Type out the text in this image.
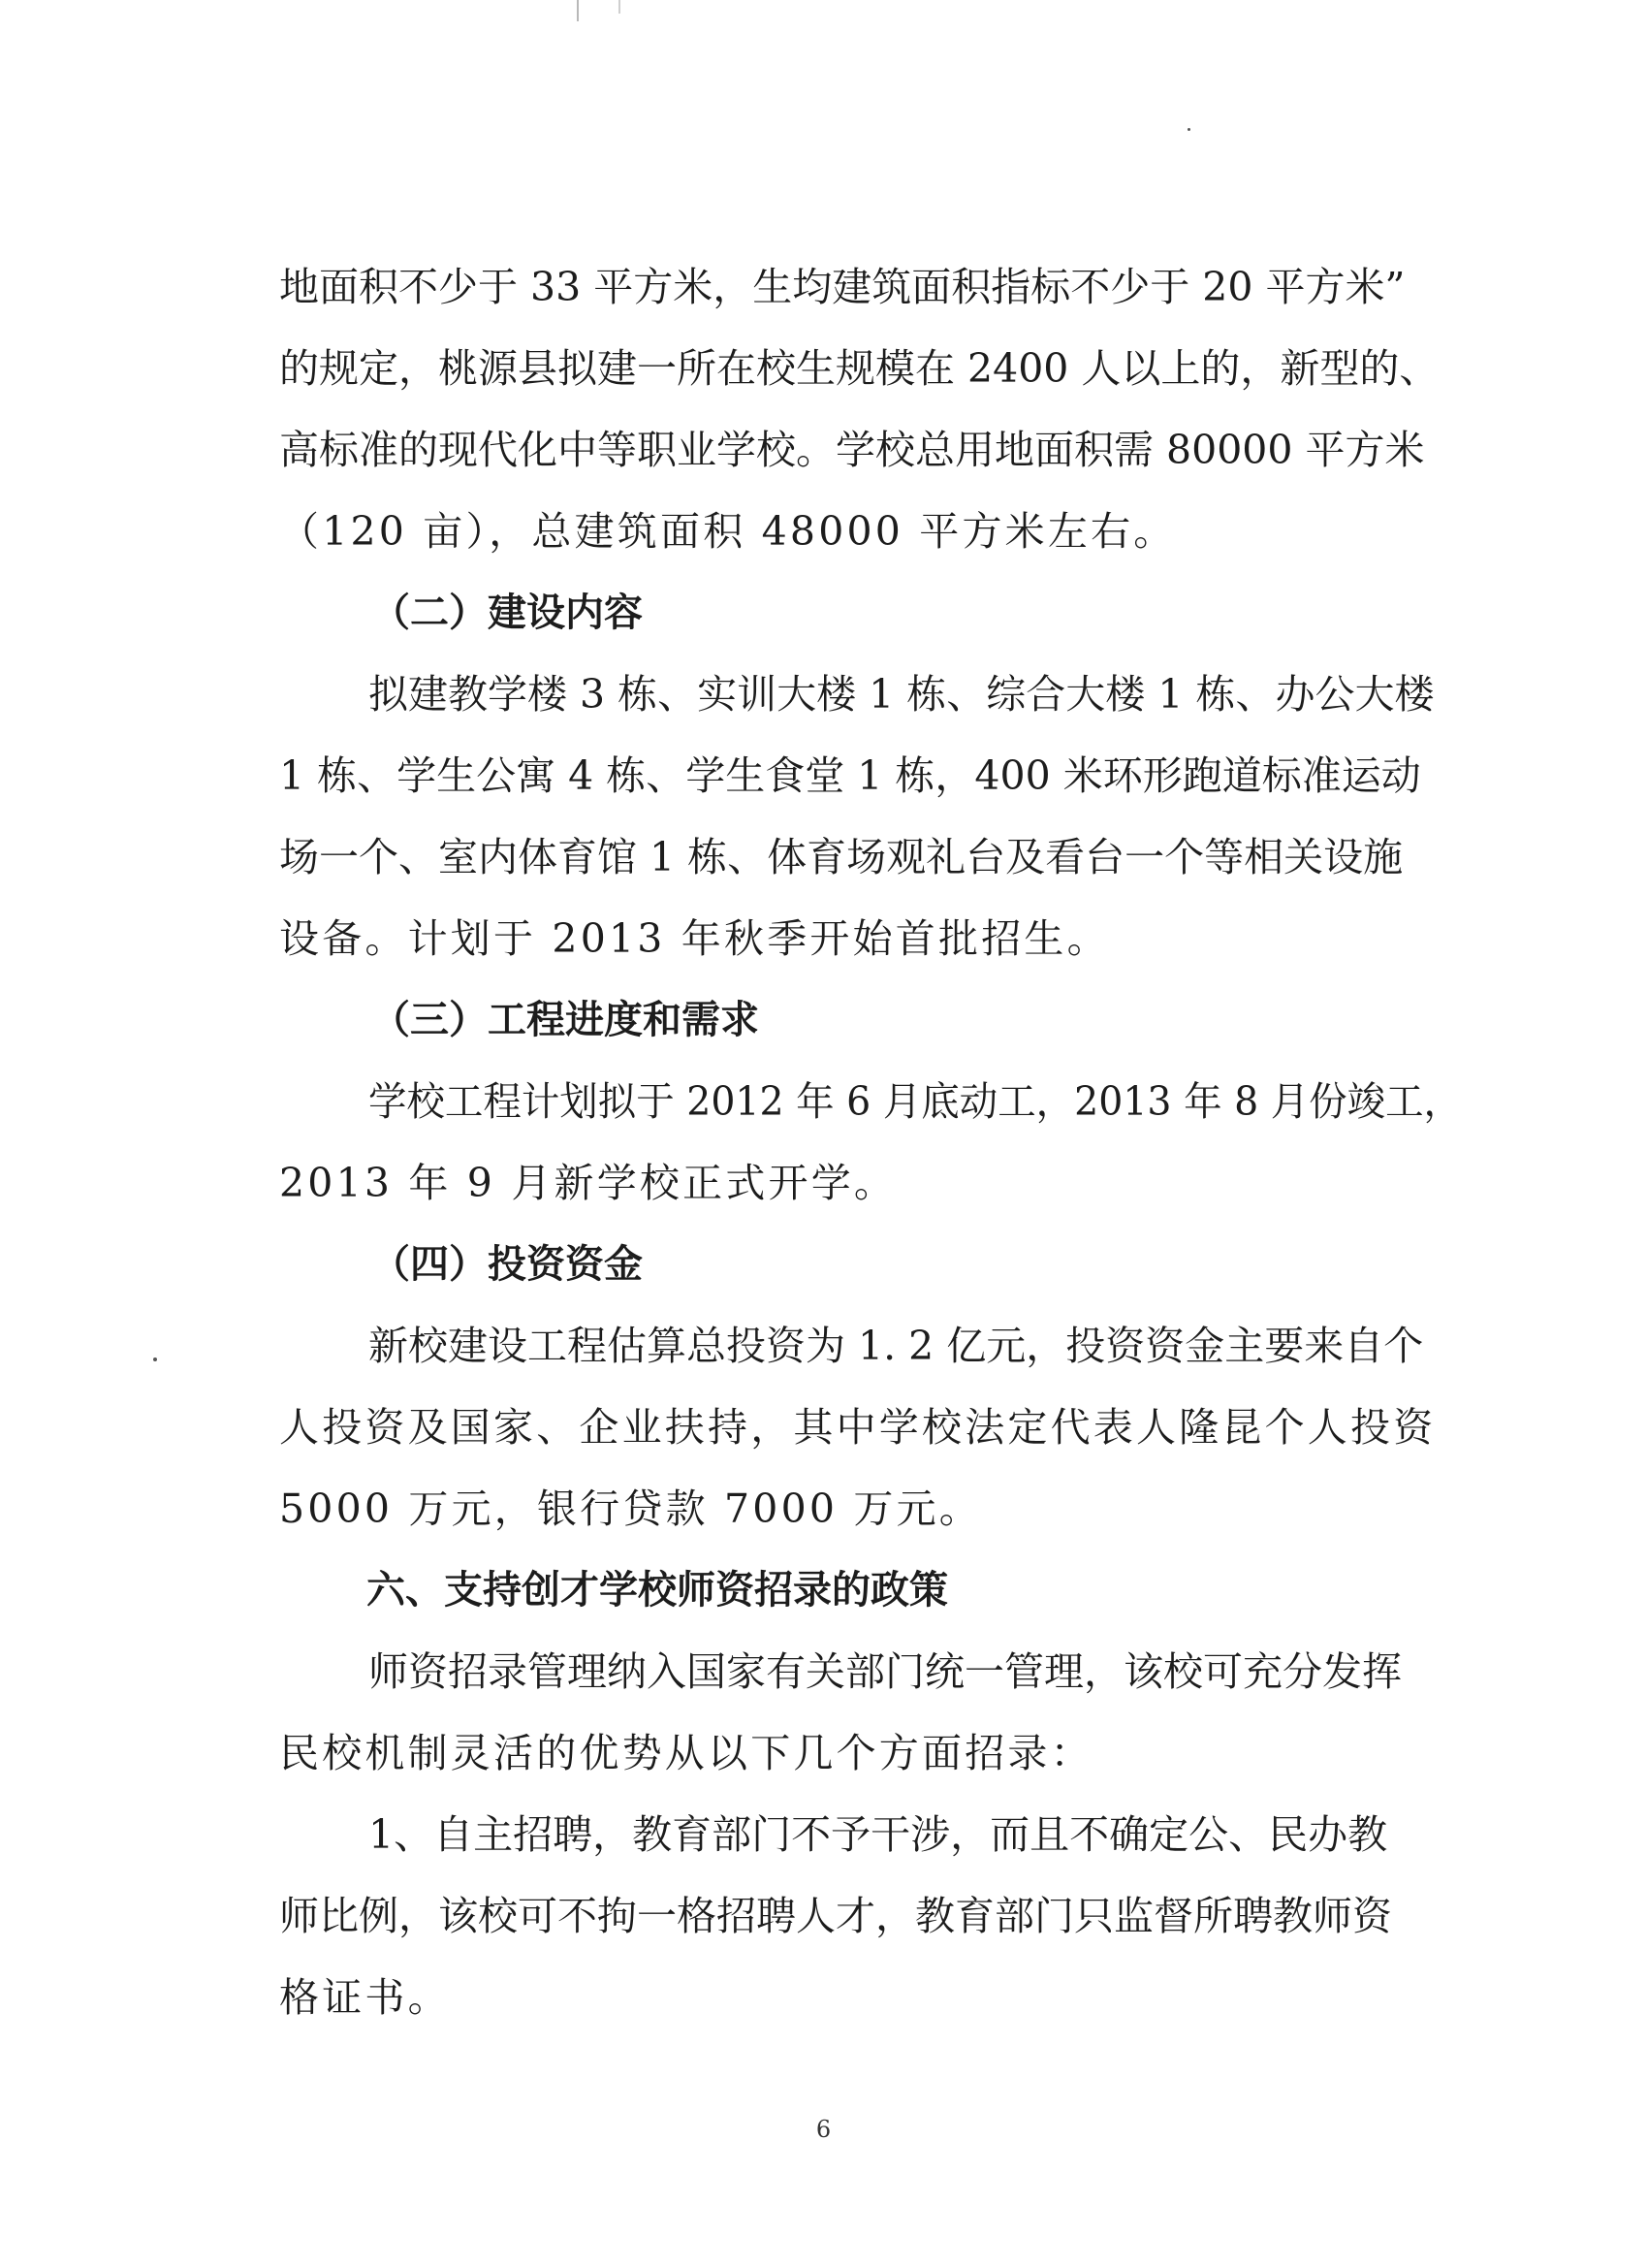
地面积不少于 33 平方米，生均建筑面积指标不少于 20 平方米”
的规定，桃源县拟建一所在校生规模在 2400 人以上的，新型的、
高标准的现代化中等职业学校。学校总用地面积需 80000 平方米
（120 亩），总建筑面积 48000 平方米左右。
（二）建设内容
拟建教学楼 3 栋、实训大楼 1 栋、综合大楼 1 栋、办公大楼
1 栋、学生公寓 4 栋、学生食堂 1 栋，400 米环形跑道标准运动
场一个、室内体育馆 1 栋、体育场观礼台及看台一个等相关设施
设备。计划于 2013 年秋季开始首批招生。
（三）工程进度和需求
学校工程计划拟于 2012 年 6 月底动工，2013 年 8 月份竣工，
2013 年 9 月新学校正式开学。
（四）投资资金
新校建设工程估算总投资为 1. 2 亿元，投资资金主要来自个
人投资及国家、企业扶持，其中学校法定代表人隆昆个人投资
5000 万元，银行贷款 7000 万元。
六、支持创才学校师资招录的政策
师资招录管理纳入国家有关部门统一管理，该校可充分发挥
民校机制灵活的优势从以下几个方面招录：
1、自主招聘，教育部门不予干涉，而且不确定公、民办教
师比例，该校可不拘一格招聘人才，教育部门只监督所聘教师资
格证书。
6
